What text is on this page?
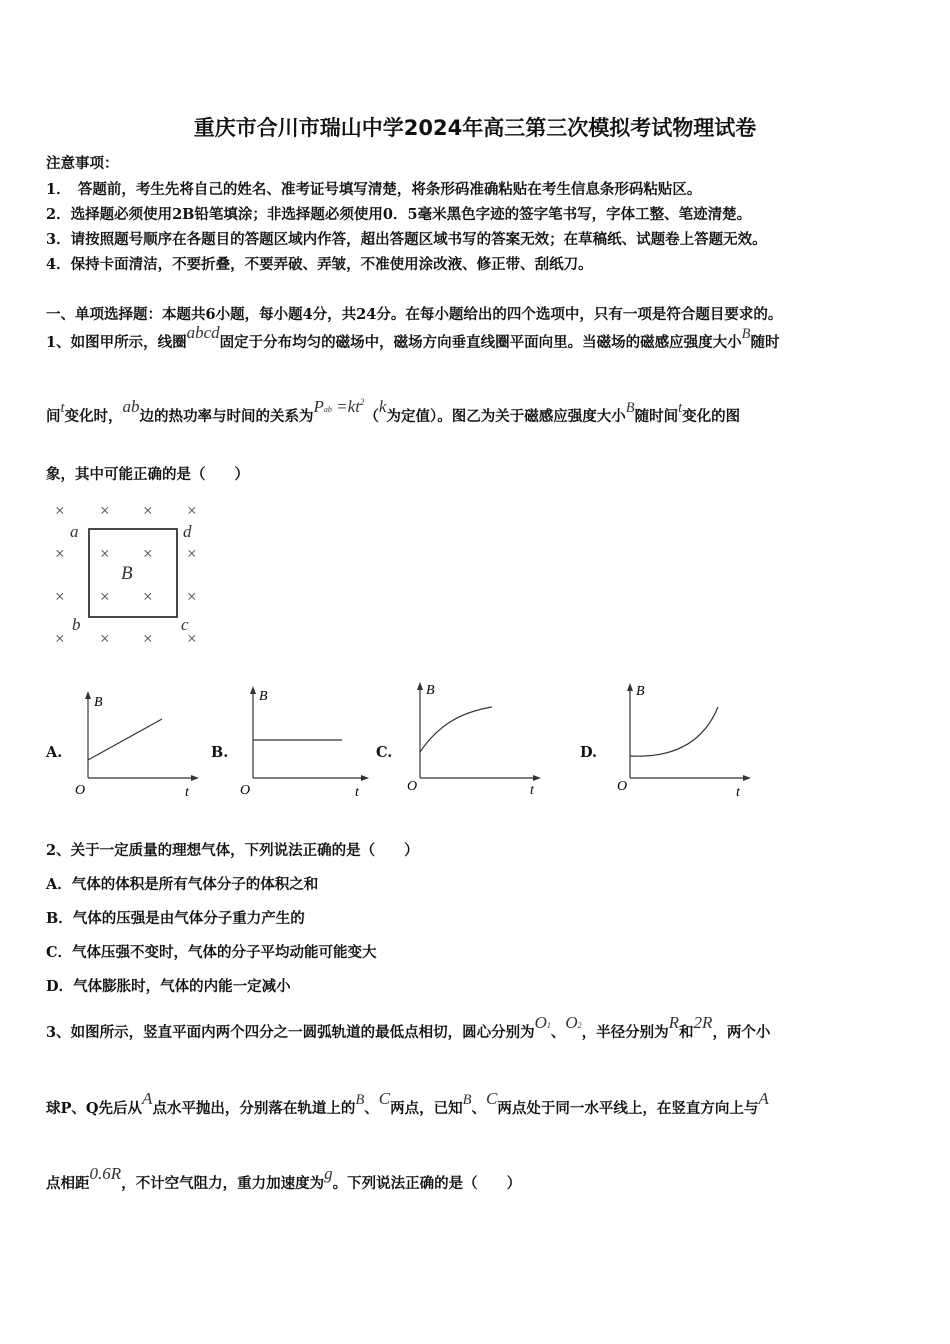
重庆市合川市瑞山中学2024年高三第三次模拟考试物理试卷
注意事项：
1．　答题前，考生先将自己的姓名、准考证号填写清楚，将条形码准确粘贴在考生信息条形码粘贴区。
2．选择题必须使用2B铅笔填涂；非选择题必须使用0．5毫米黑色字迹的签字笔书写，字体工整、笔迹清楚。
3．请按照题号顺序在各题目的答题区域内作答，超出答题区域书写的答案无效；在草稿纸、试题卷上答题无效。
4．保持卡面清洁，不要折叠，不要弄破、弄皱，不准使用涂改液、修正带、刮纸刀。
一、单项选择题：本题共6小题，每小题4分，共24分。在每小题给出的四个选项中，只有一项是符合题目要求的。
1、如图甲所示，线圈abcd固定于分布均匀的磁场中，磁场方向垂直线圈平面向里。当磁场的磁感应强度大小B随时
间t变化时，ab边的热功率与时间的关系为Pab $=kt^2(k$为定值）。图乙为关于磁感应强度大小B随时间t变化的图
象，其中可能正确的是（　　）
× × × ×
× × × ×
× × × ×
× × × ×
a	d
b	c
B
A.
B
O	t
B.
B
O	t
C.
B
O	t
D.
B
O	t
2、关于一定质量的理想气体，下列说法正确的是（　　）
A．气体的体积是所有气体分子的体积之和
B．气体的压强是由气体分子重力产生的
C．气体压强不变时，气体的分子平均动能可能变大
D．气体膨胀时，气体的内能一定减小
3、如图所示，竖直平面内两个四分之一圆弧轨道的最低点相切，圆心分别为O1、O2，半径分别为R和2R，两个小
球P、Q先后从A点水平抛出，分别落在轨道上的B、C两点，已知B、C两点处于同一水平线上，在竖直方向上与A
点相距0.6R，不计空气阻力，重力加速度为g。下列说法正确的是（　　）
